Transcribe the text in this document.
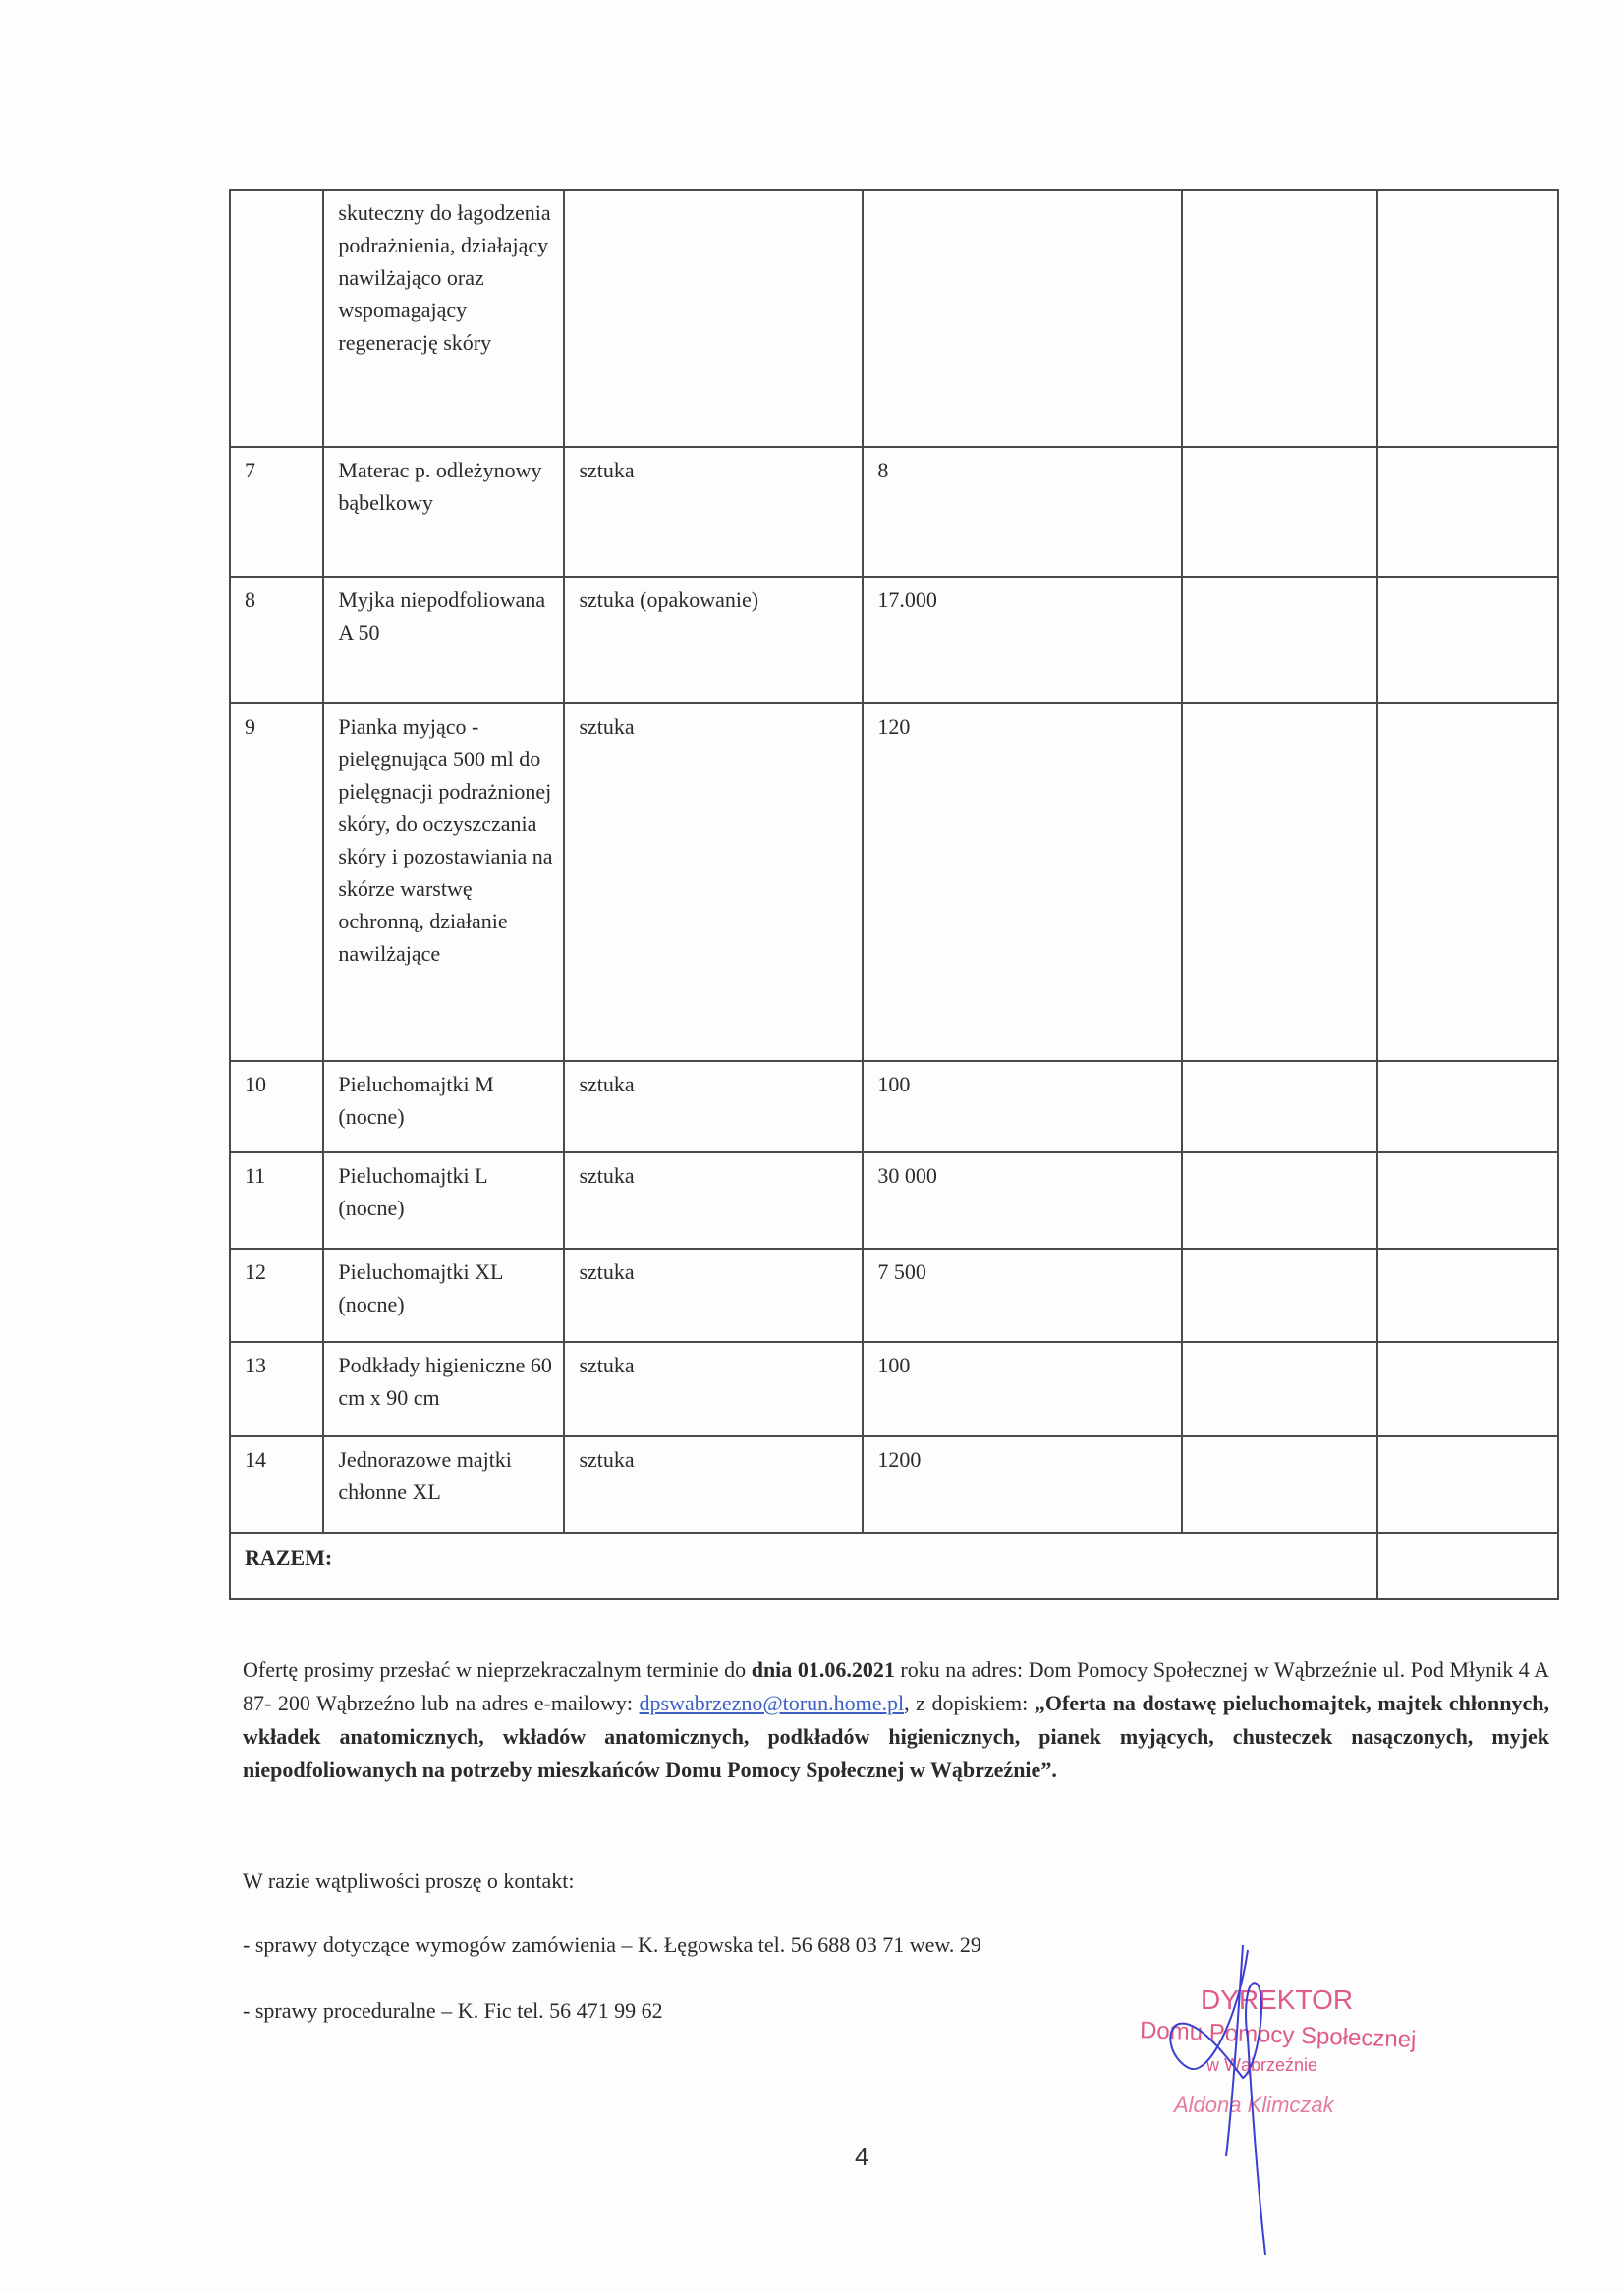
	skuteczny do łagodzenia podrażnienia, działający nawilżająco oraz wspomagający regenerację skóry				
7	Materac p. odleżynowy bąbelkowy	sztuka	8		
8	Myjka niepodfoliowana A 50	sztuka (opakowanie)	17.000		
9	Pianka myjąco - pielęgnująca 500 ml do pielęgnacji podrażnionej skóry, do oczyszczania skóry i pozostawiania na skórze warstwę ochronną, działanie nawilżające	sztuka	120		
10	Pieluchomajtki M (nocne)	sztuka	100		
11	Pieluchomajtki L (nocne)	sztuka	30 000		
12	Pieluchomajtki XL (nocne)	sztuka	7 500		
13	Podkłady higieniczne 60 cm x 90 cm	sztuka	100		
14	Jednorazowe majtki chłonne XL	sztuka	1200		
RAZEM:					
Ofertę prosimy przesłać w nieprzekraczalnym terminie do dnia 01.06.2021 roku na adres: Dom Pomocy Społecznej w Wąbrzeźnie ul. Pod Młynik 4 A 87- 200 Wąbrzeźno lub na adres e-mailowy: dpswabrzezno@torun.home.pl, z dopiskiem: „Oferta na dostawę pieluchomajtek, majtek chłonnych, wkładek anatomicznych, wkładów anatomicznych, podkładów higienicznych, pianek myjących, chusteczek nasączonych, myjek niepodfoliowanych na potrzeby mieszkańców Domu Pomocy Społecznej w Wąbrzeźnie”.
W razie wątpliwości proszę o kontakt:
- sprawy dotyczące wymogów zamówienia – K. Łęgowska tel. 56 688 03 71 wew. 29
- sprawy proceduralne – K. Fic tel. 56 471 99 62	DYREKTOR
Domu Pomocy Społecznej
w Wąbrzeźnie
Aldona Klimczak
4
